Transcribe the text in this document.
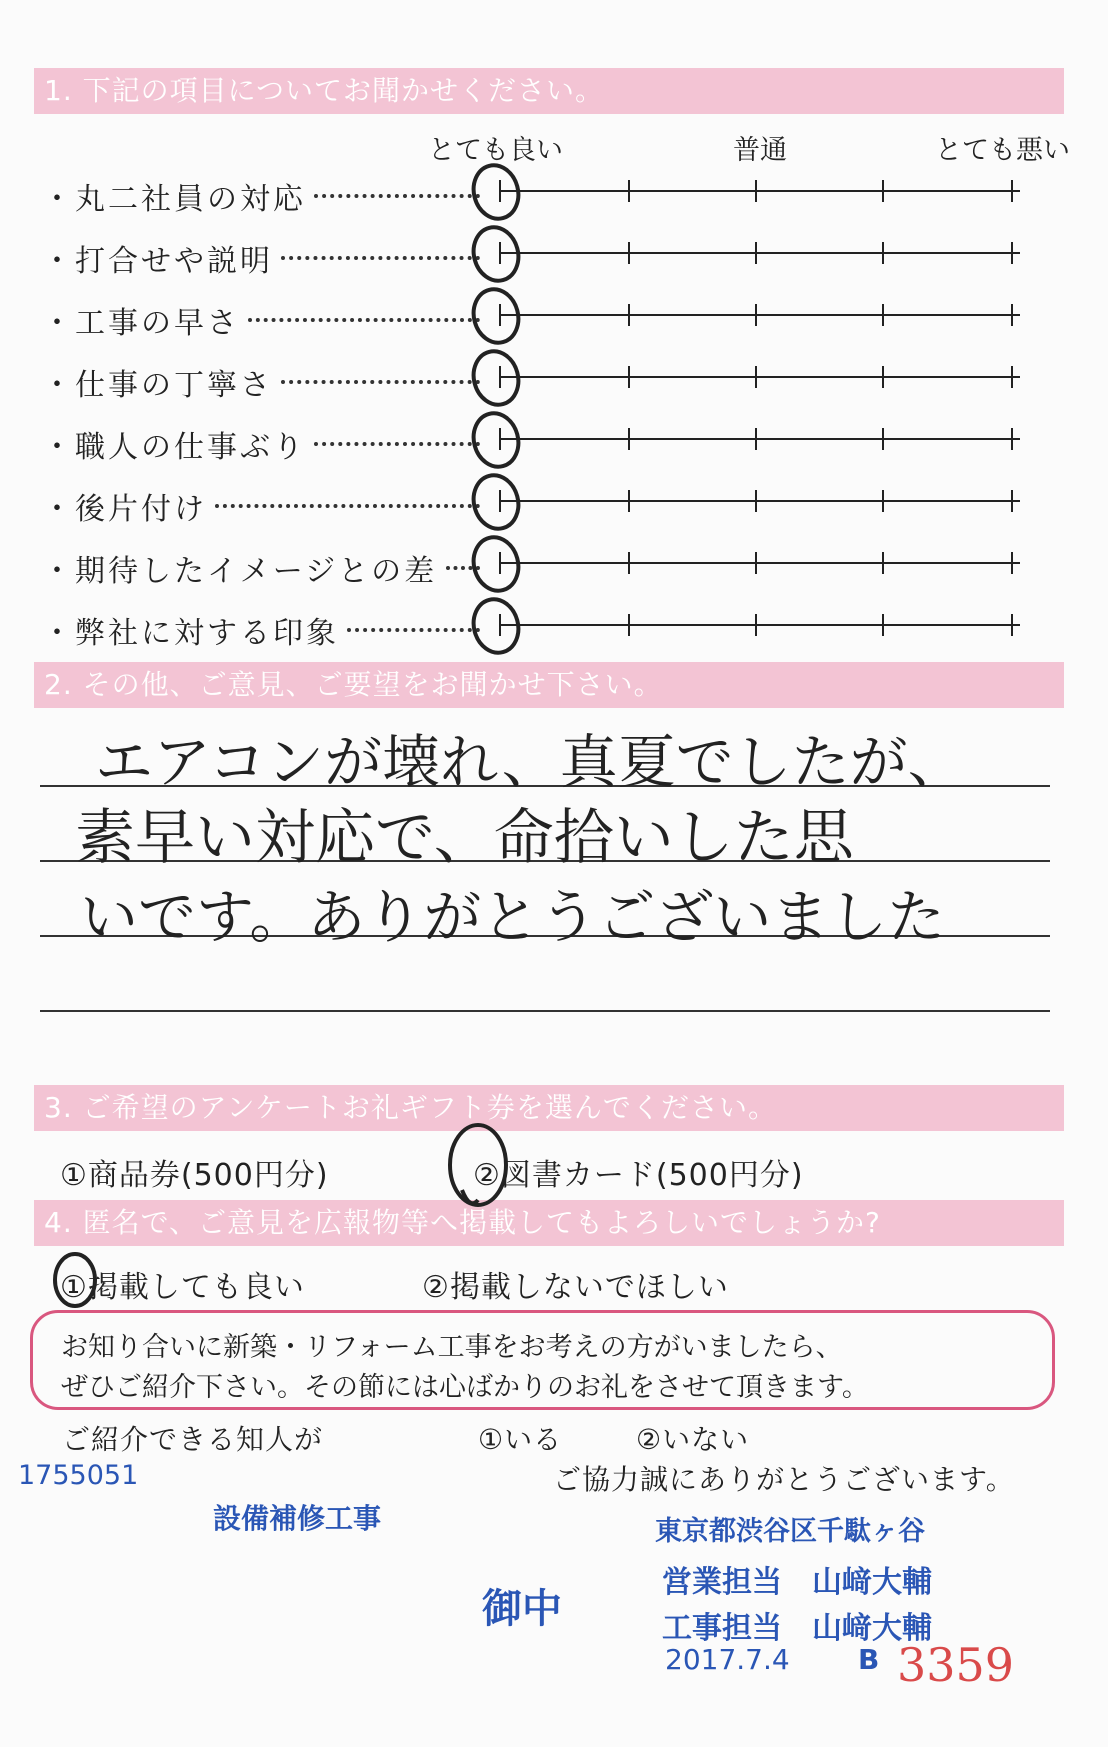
1. 下記の項目についてお聞かせください。
とても良い	普通	とても悪い
・丸二社員の対応
・打合せや説明
・工事の早さ
・仕事の丁寧さ
・職人の仕事ぶり
・後片付け
・期待したイメージとの差
・弊社に対する印象
2. その他、ご意見、ご要望をお聞かせ下さい。
エアコンが壊れ、真夏でしたが、
素早い対応で、命拾いした思
いです。ありがとうございました
3. ご希望のアンケートお礼ギフト券を選んでください。
①商品券(500円分)	②図書カード(500円分)
4. 匿名で、ご意見を広報物等へ掲載してもよろしいでしょうか?
①掲載しても良い	②掲載しないでほしい
お知り合いに新築・リフォーム工事をお考えの方がいましたら、
ぜひご紹介下さい。その節には心ばかりのお礼をさせて頂きます。
ご紹介できる知人が	①いる	②いない
ご協力誠にありがとうございます。
1755051
設備補修工事	東京都渋谷区千駄ヶ谷
営業担当　山﨑大輔
工事担当　山﨑大輔
御中
2017.7.4 B 3359
